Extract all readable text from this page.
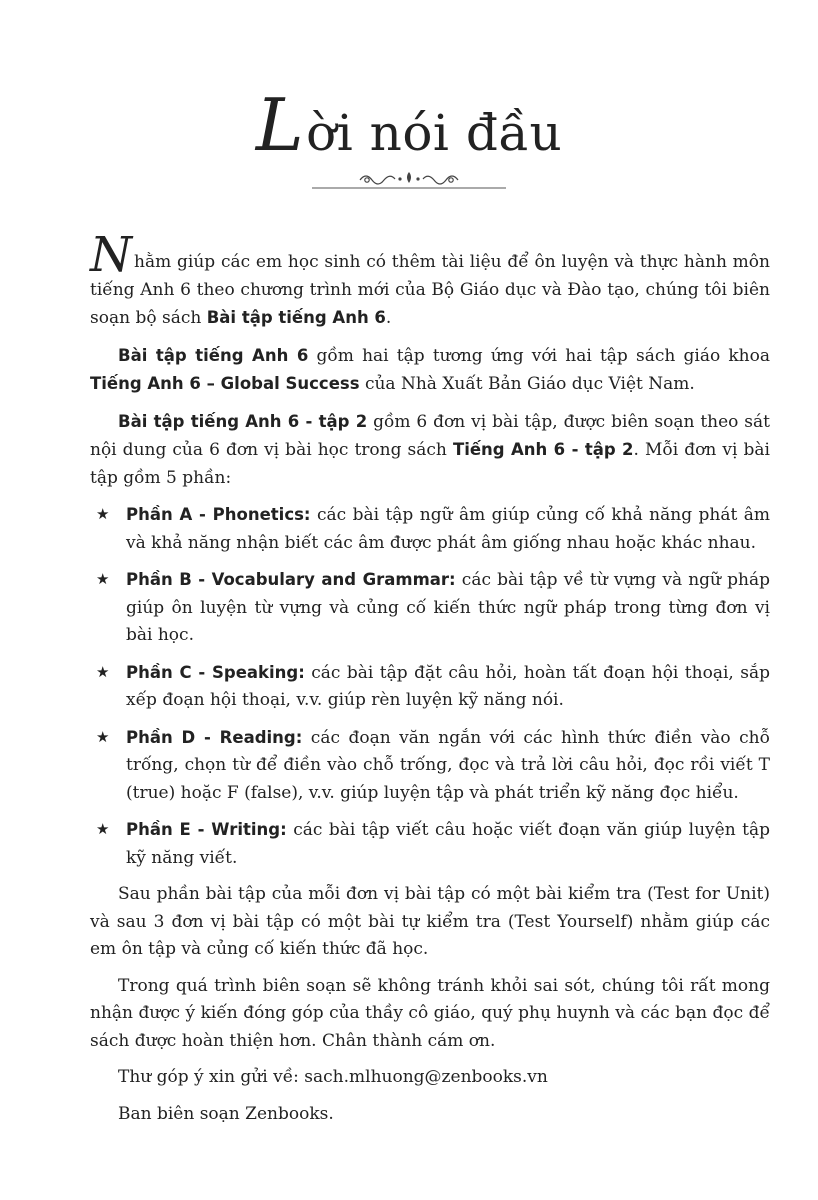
Lời nói đầu

Nhằm giúp các em học sinh có thêm tài liệu để ôn luyện và thực hành môn tiếng Anh 6 theo chương trình mới của Bộ Giáo dục và Đào tạo, chúng tôi biên soạn bộ sách Bài tập tiếng Anh 6.

Bài tập tiếng Anh 6 gồm hai tập tương ứng với hai tập sách giáo khoa Tiếng Anh 6 – Global Success của Nhà Xuất Bản Giáo dục Việt Nam.

Bài tập tiếng Anh 6 - tập 2 gồm 6 đơn vị bài tập, được biên soạn theo sát nội dung của 6 đơn vị bài học trong sách Tiếng Anh 6 - tập 2. Mỗi đơn vị bài tập gồm 5 phần:

★ Phần A - Phonetics: các bài tập ngữ âm giúp củng cố khả năng phát âm và khả năng nhận biết các âm được phát âm giống nhau hoặc khác nhau.
★ Phần B - Vocabulary and Grammar: các bài tập về từ vựng và ngữ pháp giúp ôn luyện từ vựng và củng cố kiến thức ngữ pháp trong từng đơn vị bài học.
★ Phần C - Speaking: các bài tập đặt câu hỏi, hoàn tất đoạn hội thoại, sắp xếp đoạn hội thoại, v.v. giúp rèn luyện kỹ năng nói.
★ Phần D - Reading: các đoạn văn ngắn với các hình thức điền vào chỗ trống, chọn từ để điền vào chỗ trống, đọc và trả lời câu hỏi, đọc rồi viết T (true) hoặc F (false), v.v. giúp luyện tập và phát triển kỹ năng đọc hiểu.
★ Phần E - Writing: các bài tập viết câu hoặc viết đoạn văn giúp luyện tập kỹ năng viết.

Sau phần bài tập của mỗi đơn vị bài tập có một bài kiểm tra (Test for Unit) và sau 3 đơn vị bài tập có một bài tự kiểm tra (Test Yourself) nhằm giúp các em ôn tập và củng cố kiến thức đã học.

Trong quá trình biên soạn sẽ không tránh khỏi sai sót, chúng tôi rất mong nhận được ý kiến đóng góp của thầy cô giáo, quý phụ huynh và các bạn đọc để sách được hoàn thiện hơn. Chân thành cám ơn.

Thư góp ý xin gửi về: sach.mlhuong@zenbooks.vn

Ban biên soạn Zenbooks.
